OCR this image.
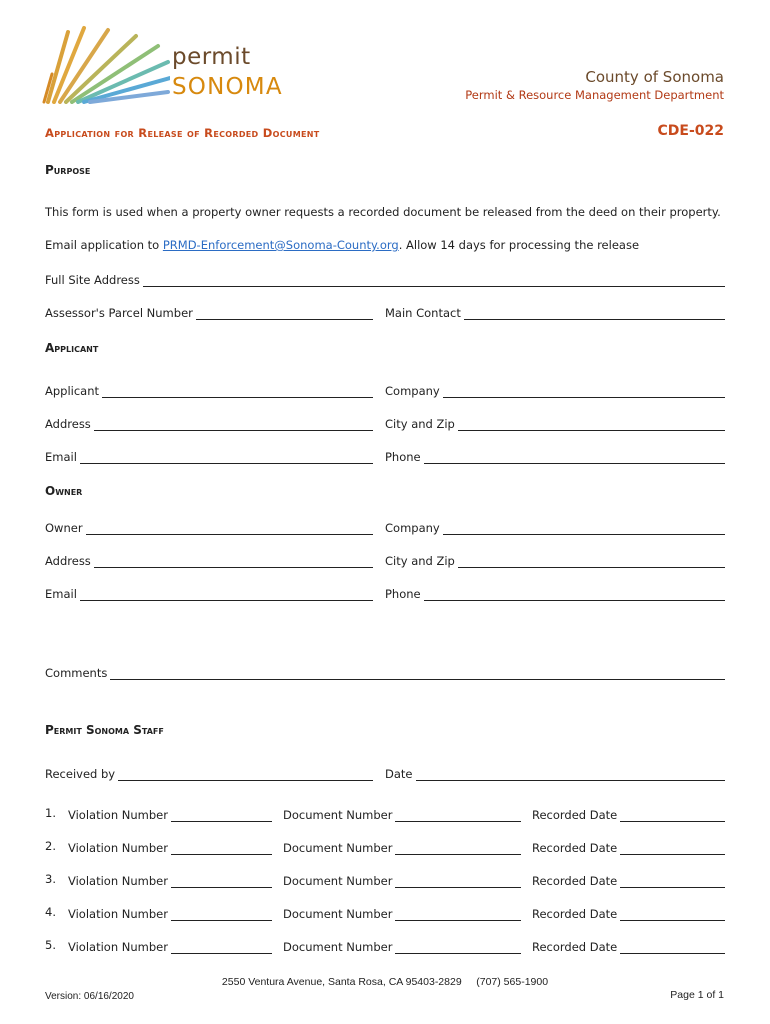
permit
SONOMA	County of Sonoma
Permit & Resource Management Department
Application for Release of Recorded Document	CDE-022
Purpose
This form is used when a property owner requests a recorded document be released from the deed on their property.
Email application to PRMD-Enforcement@Sonoma-County.org. Allow 14 days for processing the release
Full Site Address
Assessor's Parcel Number	Main Contact
Applicant
Applicant	Company
Address	City and Zip
Email	Phone
Owner
Owner	Company
Address	City and Zip
Email	Phone
Comments
Permit Sonoma Staff
Received by	Date
1. Violation Number	Document Number	Recorded Date
2. Violation Number	Document Number	Recorded Date
3. Violation Number	Document Number	Recorded Date
4. Violation Number	Document Number	Recorded Date
5. Violation Number	Document Number	Recorded Date
2550 Ventura Avenue, Santa Rosa, CA 95403-2829     (707) 565-1900
Version: 06/16/2020	Page 1 of 1
